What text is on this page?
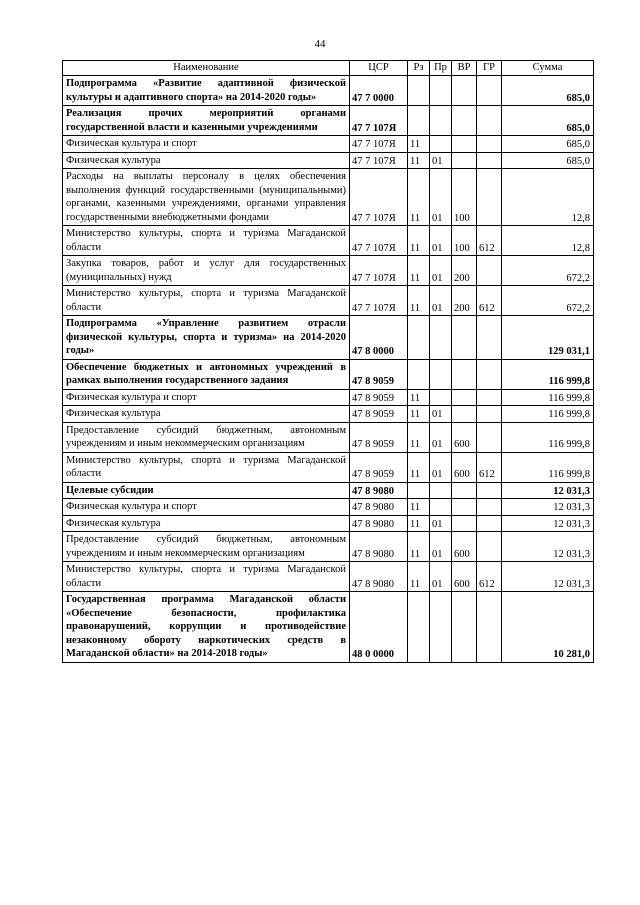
44
Наименование	ЦСР	Рз	Пр	ВР	ГР	Сумма
Подпрограмма «Развитие адаптивной физической культуры и адаптивного спорта» на 2014-2020 годы»	47 7 0000					685,0
Реализация прочих мероприятий органами государственной власти и казенными учреждениями	47 7 107Я					685,0
Физическая культура и спорт	47 7 107Я	11				685,0
Физическая культура	47 7 107Я	11	01			685,0
Расходы на выплаты персоналу в целях обеспечения выполнения функций государственными (муниципальными) органами, казенными учреждениями, органами управления государственными внебюджетными фондами	47 7 107Я	11	01	100		12,8
Министерство культуры, спорта и туризма Магаданской области	47 7 107Я	11	01	100	612	12,8
Закупка товаров, работ и услуг для государственных (муниципальных) нужд	47 7 107Я	11	01	200		672,2
Министерство культуры, спорта и туризма Магаданской области	47 7 107Я	11	01	200	612	672,2
Подпрограмма «Управление развитием отрасли физической культуры, спорта и туризма» на 2014-2020 годы»	47 8 0000					129 031,1
Обеспечение бюджетных и автономных учреждений в рамках выполнения государственного задания	47 8 9059					116 999,8
Физическая культура и спорт	47 8 9059	11				116 999,8
Физическая культура	47 8 9059	11	01			116 999,8
Предоставление субсидий бюджетным, автономным учреждениям и иным некоммерческим организациям	47 8 9059	11	01	600		116 999,8
Министерство культуры, спорта и туризма Магаданской области	47 8 9059	11	01	600	612	116 999,8
Целевые субсидии	47 8 9080					12 031,3
Физическая культура и спорт	47 8 9080	11				12 031,3
Физическая культура	47 8 9080	11	01			12 031,3
Предоставление субсидий бюджетным, автономным учреждениям и иным некоммерческим организациям	47 8 9080	11	01	600		12 031,3
Министерство культуры, спорта и туризма Магаданской области	47 8 9080	11	01	600	612	12 031,3
Государственная программа Магаданской области «Обеспечение безопасности, профилактика правонарушений, коррупции и противодействие незаконному обороту наркотических средств в Магаданской области» на 2014-2018 годы»	48 0 0000					10 281,0
